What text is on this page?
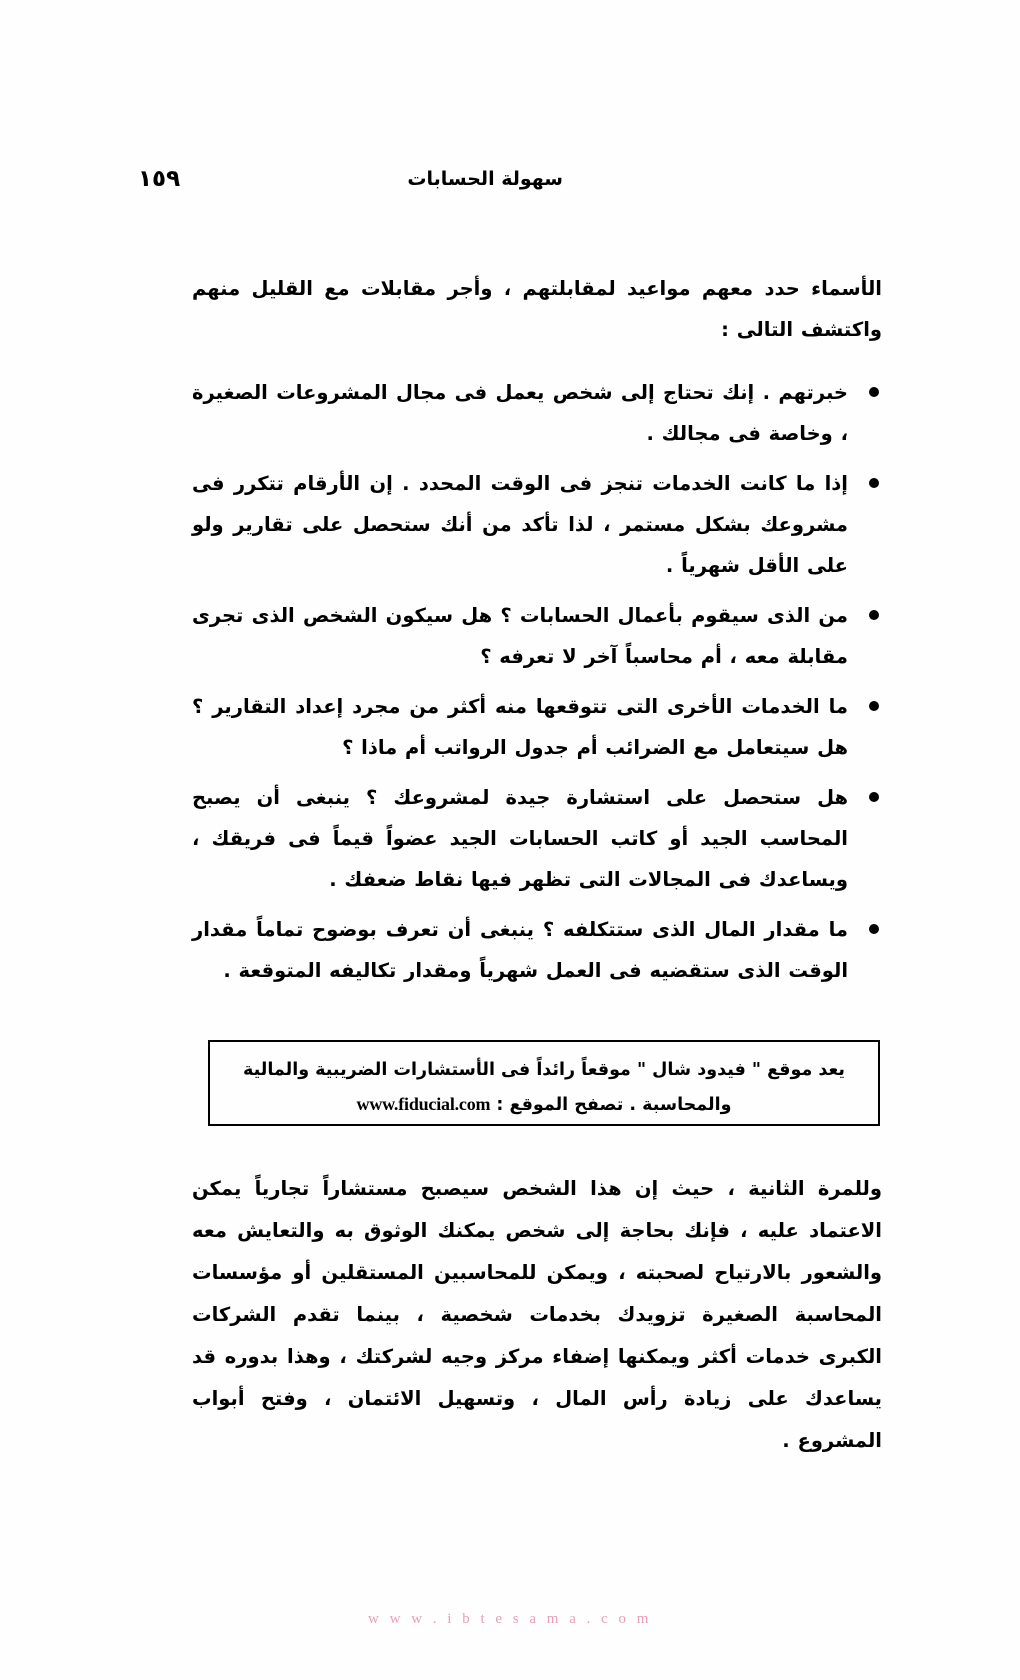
سهولة الحسابات
١٥٩

الأسماء حدد معهم مواعيد لمقابلتهم ، وأجر مقابلات مع القليل منهم واكتشف التالى :

خبرتهم . إنك تحتاج إلى شخص يعمل فى مجال المشروعات الصغيرة ، وخاصة فى مجالك .
إذا ما كانت الخدمات تنجز فى الوقت المحدد . إن الأرقام تتكرر فى مشروعك بشكل مستمر ، لذا تأكد من أنك ستحصل على تقارير ولو على الأقل شهرياً .
من الذى سيقوم بأعمال الحسابات ؟ هل سيكون الشخص الذى تجرى مقابلة معه ، أم محاسباً آخر لا تعرفه ؟
ما الخدمات الأخرى التى تتوقعها منه أكثر من مجرد إعداد التقارير ؟ هل سيتعامل مع الضرائب أم جدول الرواتب أم ماذا ؟
هل ستحصل على استشارة جيدة لمشروعك ؟ ينبغى أن يصبح المحاسب الجيد أو كاتب الحسابات الجيد عضواً قيماً فى فريقك ، ويساعدك فى المجالات التى تظهر فيها نقاط ضعفك .
ما مقدار المال الذى ستتكلفه ؟ ينبغى أن تعرف بوضوح تماماً مقدار الوقت الذى ستقضيه فى العمل شهرياً ومقدار تكاليفه المتوقعة .
يعد موقع " فيدود شال " موقعاً رائداً فى الأستشارات الضريبية والمالية
والمحاسبة . تصفح الموقع : www.fiducial.com

وللمرة الثانية ، حيث إن هذا الشخص سيصبح مستشاراً تجارياً يمكن الاعتماد عليه ، فإنك بحاجة إلى شخص يمكنك الوثوق به والتعايش معه والشعور بالارتياح لصحبته ، ويمكن للمحاسبين المستقلين أو مؤسسات المحاسبة الصغيرة تزويدك بخدمات شخصية ، بينما تقدم الشركات الكبرى خدمات أكثر ويمكنها إضفاء مركز وجيه لشركتك ، وهذا بدوره قد يساعدك على زيادة رأس المال ، وتسهيل الائتمان ، وفتح أبواب المشروع .

w w w . i b t e s a m a . c o m
